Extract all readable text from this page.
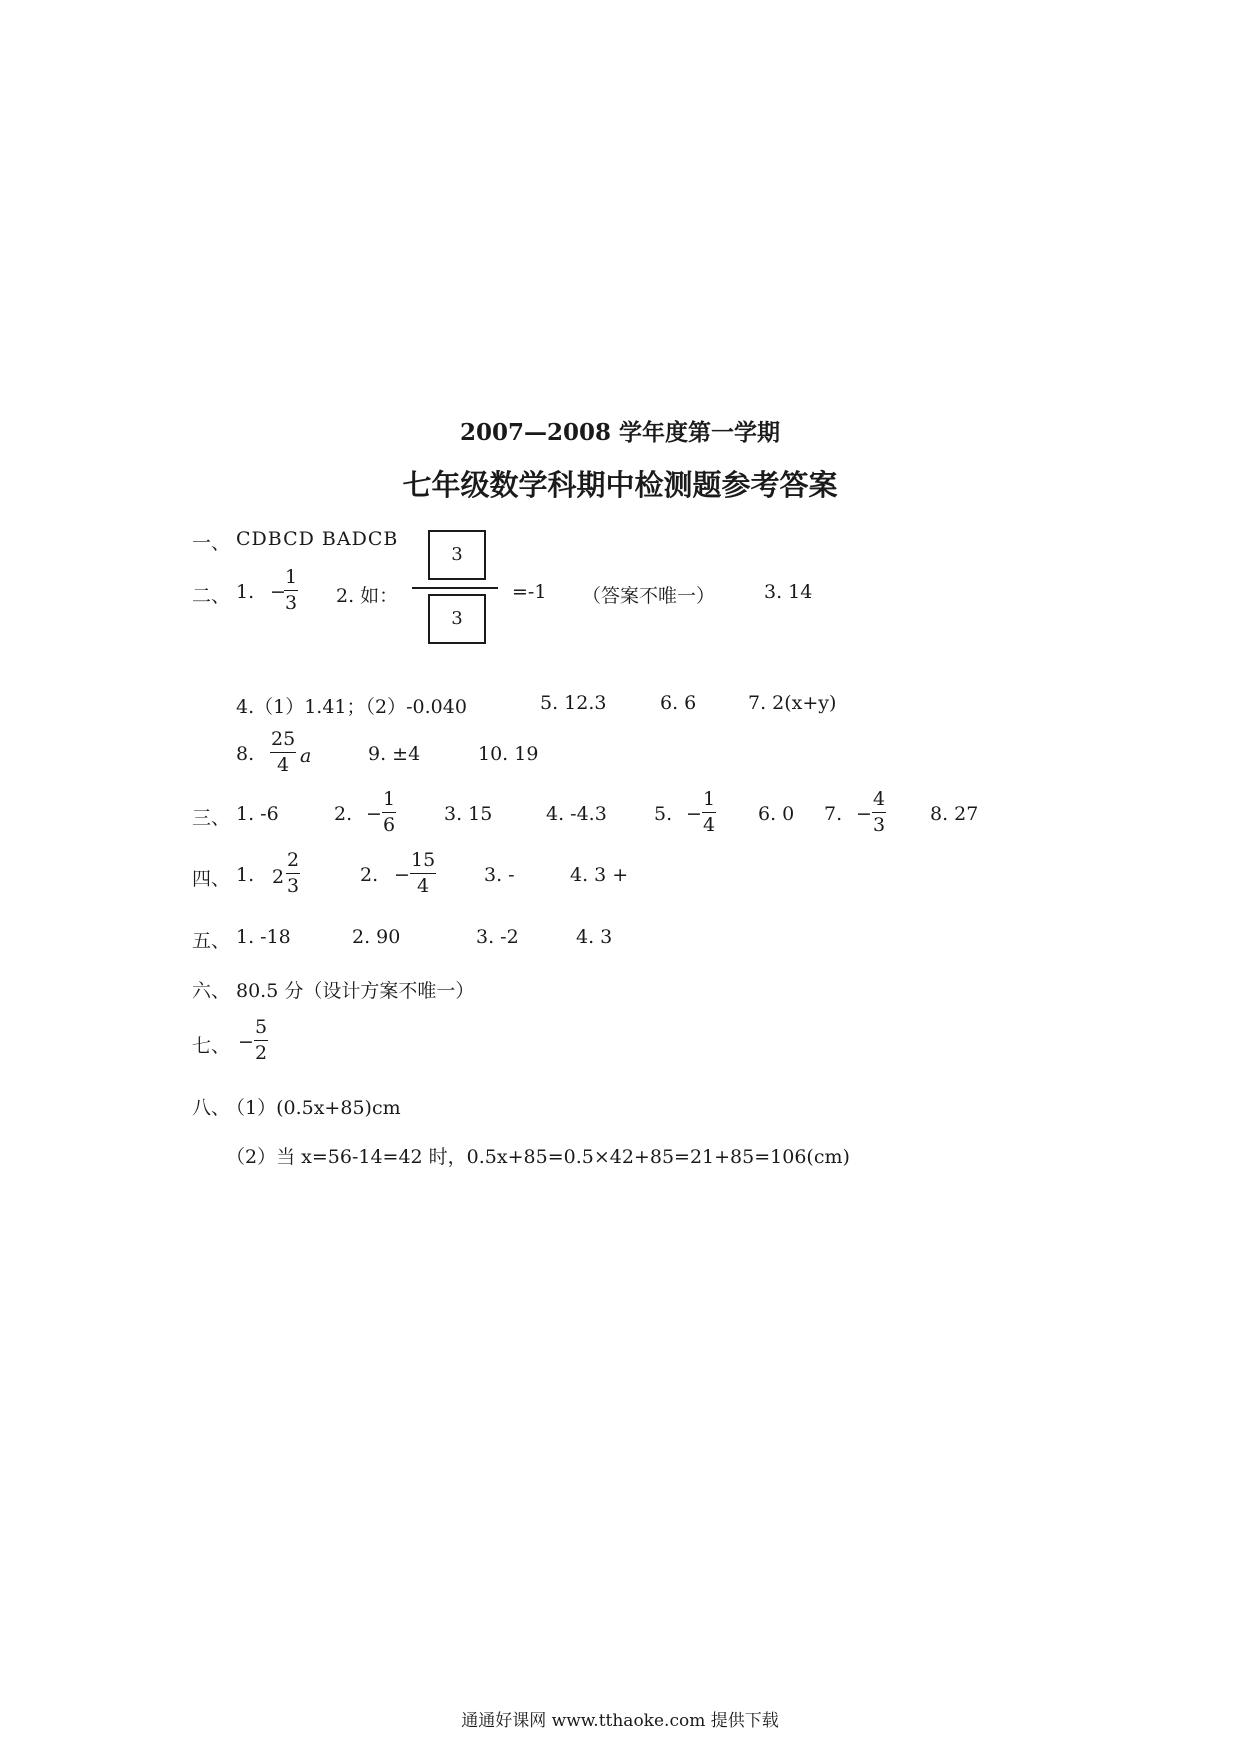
2007—2008 学年度第一学期
七年级数学科期中检测题参考答案
一、 CDBCD BADCB
二、 1. −
$\frac{1}{3} 2$. 如：
3
3
=-1 （答案不唯一）	3. 14
4.（1）1.41；（2）-0.040	5. 12.3	6. 6	7. 2(x+y)
8. $\frac{25}{4}$ a	9. ±4	10. 19
三、 1. -6	2. − $\frac{1}{6}$	3. 15	4. -4.3 5. − $\frac{1}{4} 6$. 0 7. − $\frac{4}{3} 8$. 27
四、 1. $2 \frac{2}{3}$	2. − $\frac{15}{4}$	3. -	4. 3 +
五、 1. -18	2. 90	3. -2	4. 3
六、 80.5 分（设计方案不唯一）
七、 − $\frac{5}{2}$
八、
（1）(0.5x+85)cm
（2）当 x=56-14=42 时，0.5x+85=0.5×42+85=21+85=106(cm)
通通好课网 www.tthaoke.com 提供下载
